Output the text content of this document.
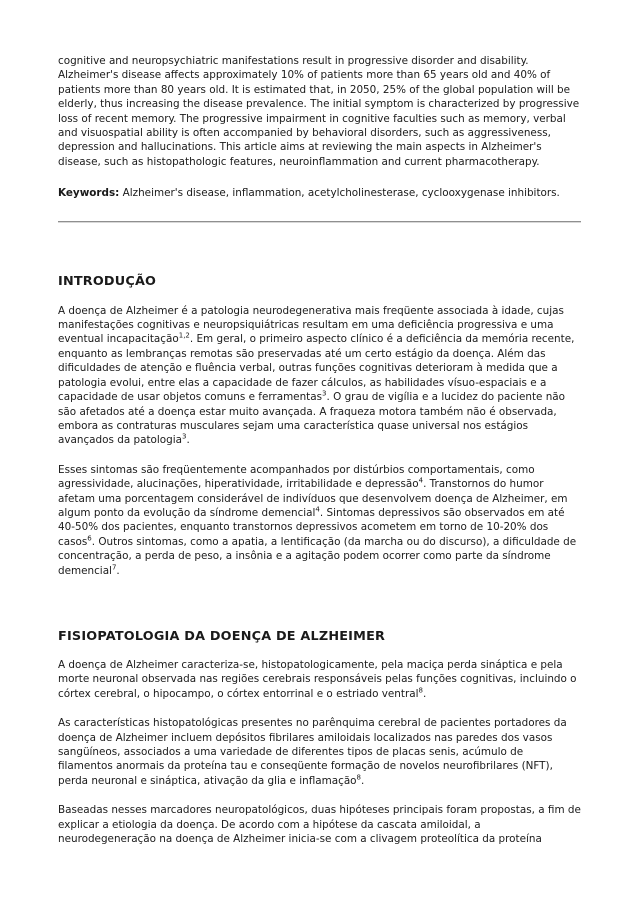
cognitive and neuropsychiatric manifestations result in progressive disorder and disability. Alzheimer's disease affects approximately 10% of patients more than 65 years old and 40% of patients more than 80 years old. It is estimated that, in 2050, 25% of the global population will be elderly, thus increasing the disease prevalence. The initial symptom is characterized by progressive loss of recent memory. The progressive impairment in cognitive faculties such as memory, verbal and visuospatial ability is often accompanied by behavioral disorders, such as aggressiveness, depression and hallucinations. This article aims at reviewing the main aspects in Alzheimer's disease, such as histopathologic features, neuroinflammation and current pharmacotherapy.

Keywords: Alzheimer's disease, inflammation, acetylcholinesterase, cyclooxygenase inhibitors.

INTRODUÇÃO

A doença de Alzheimer é a patologia neurodegenerativa mais freqüente associada à idade, cujas manifestações cognitivas e neuropsiquiátricas resultam em uma deficiência progressiva e uma eventual incapacitação$^{1,2}$. Em geral, o primeiro aspecto clínico é a deficiência da memória recente, enquanto as lembranças remotas são preservadas até um certo estágio da doença. Além das dificuldades de atenção e fluência verbal, outras funções cognitivas deterioram à medida que a patologia evolui, entre elas a capacidade de fazer cálculos, as habilidades vísuo-espaciais e a capacidade de usar objetos comuns e ferramentas$^3$. O grau de vigília e a lucidez do paciente não são afetados até a doença estar muito avançada. A fraqueza motora também não é observada, embora as contraturas musculares sejam uma característica quase universal nos estágios avançados da patologia$^3$.

Esses sintomas são freqüentemente acompanhados por distúrbios comportamentais, como agressividade, alucinações, hiperatividade, irritabilidade e depressão$^4$. Transtornos do humor afetam uma porcentagem considerável de indivíduos que desenvolvem doença de Alzheimer, em algum ponto da evolução da síndrome demencial$^4$. Sintomas depressivos são observados em até 40-50% dos pacientes, enquanto transtornos depressivos acometem em torno de 10-20% dos casos$^6$. Outros sintomas, como a apatia, a lentificação (da marcha ou do discurso), a dificuldade de concentração, a perda de peso, a insônia e a agitação podem ocorrer como parte da síndrome demencial$^7$.

FISIOPATOLOGIA DA DOENÇA DE ALZHEIMER

A doença de Alzheimer caracteriza-se, histopatologicamente, pela maciça perda sináptica e pela morte neuronal observada nas regiões cerebrais responsáveis pelas funções cognitivas, incluindo o córtex cerebral, o hipocampo, o córtex entorrinal e o estriado ventral$^8$.

As características histopatológicas presentes no parênquima cerebral de pacientes portadores da doença de Alzheimer incluem depósitos fibrilares amiloidais localizados nas paredes dos vasos sangüíneos, associados a uma variedade de diferentes tipos de placas senis, acúmulo de filamentos anormais da proteína tau e conseqüente formação de novelos neurofibrilares (NFT), perda neuronal e sináptica, ativação da glia e inflamação$^8$.

Baseadas nesses marcadores neuropatológicos, duas hipóteses principais foram propostas, a fim de explicar a etiologia da doença. De acordo com a hipótese da cascata amiloidal, a neurodegeneração na doença de Alzheimer inicia-se com a clivagem proteolítica da proteína
